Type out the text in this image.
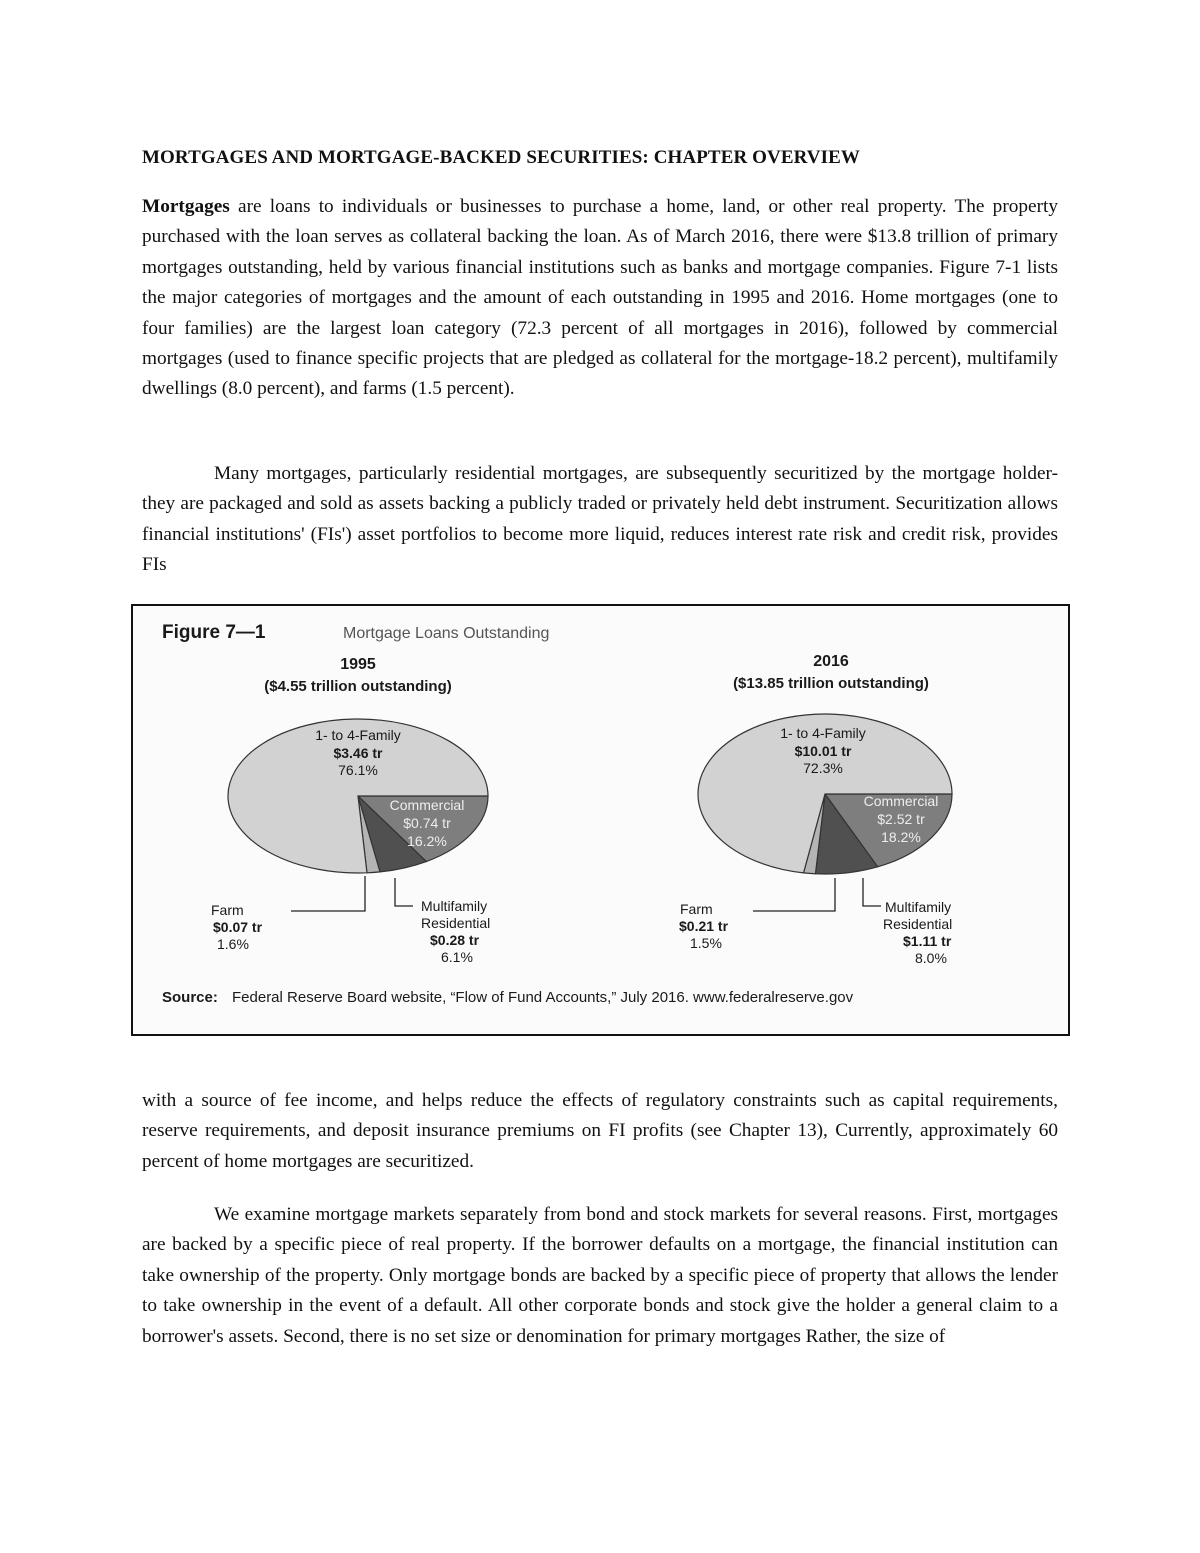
MORTGAGES AND MORTGAGE-BACKED SECURITIES: CHAPTER OVERVIEW

Mortgages are loans to individuals or businesses to purchase a home, land, or other real property. The property purchased with the loan serves as collateral backing the loan. As of March 2016, there were $13.8 trillion of primary mortgages outstanding, held by various financial institutions such as banks and mortgage companies. Figure 7-1 lists the major categories of mortgages and the amount of each outstanding in 1995 and 2016. Home mortgages (one to four families) are the largest loan category (72.3 percent of all mortgages in 2016), followed by commercial mortgages (used to finance specific projects that are pledged as collateral for the mortgage-18.2 percent), multifamily dwellings (8.0 percent), and farms (1.5 percent).

Many mortgages, particularly residential mortgages, are subsequently securitized by the mortgage holder-they are packaged and sold as assets backing a publicly traded or privately held debt instrument. Securitization allows financial institutions' (FIs') asset portfolios to become more liquid, reduces interest rate risk and credit risk, provides FIs

Figure 7—1	Mortgage Loans Outstanding
1995
($4.55 trillion outstanding)
2016
($13.85 trillion outstanding)
1- to 4-Family
$3.46 tr
76.1%
Commercial
$0.74 tr
16.2%
Farm
$0.07 tr
1.6%
Multifamily
Residential
$0.28 tr
6.1%
1- to 4-Family
$10.01 tr
72.3%
Commercial
$2.52 tr
18.2%
Farm
$0.21 tr
1.5%
Multifamily
Residential
$1.11 tr
8.0%
Source: Federal Reserve Board website, “Flow of Fund Accounts,” July 2016. www.federalreserve.gov

with a source of fee income, and helps reduce the effects of regulatory constraints such as capital requirements, reserve requirements, and deposit insurance premiums on FI profits (see Chapter 13), Currently, approximately 60 percent of home mortgages are securitized.

We examine mortgage markets separately from bond and stock markets for several reasons. First, mortgages are backed by a specific piece of real property. If the borrower defaults on a mortgage, the financial institution can take ownership of the property. Only mortgage bonds are backed by a specific piece of property that allows the lender to take ownership in the event of a default. All other corporate bonds and stock give the holder a general claim to a borrower's assets. Second, there is no set size or denomination for primary mortgages Rather, the size of
